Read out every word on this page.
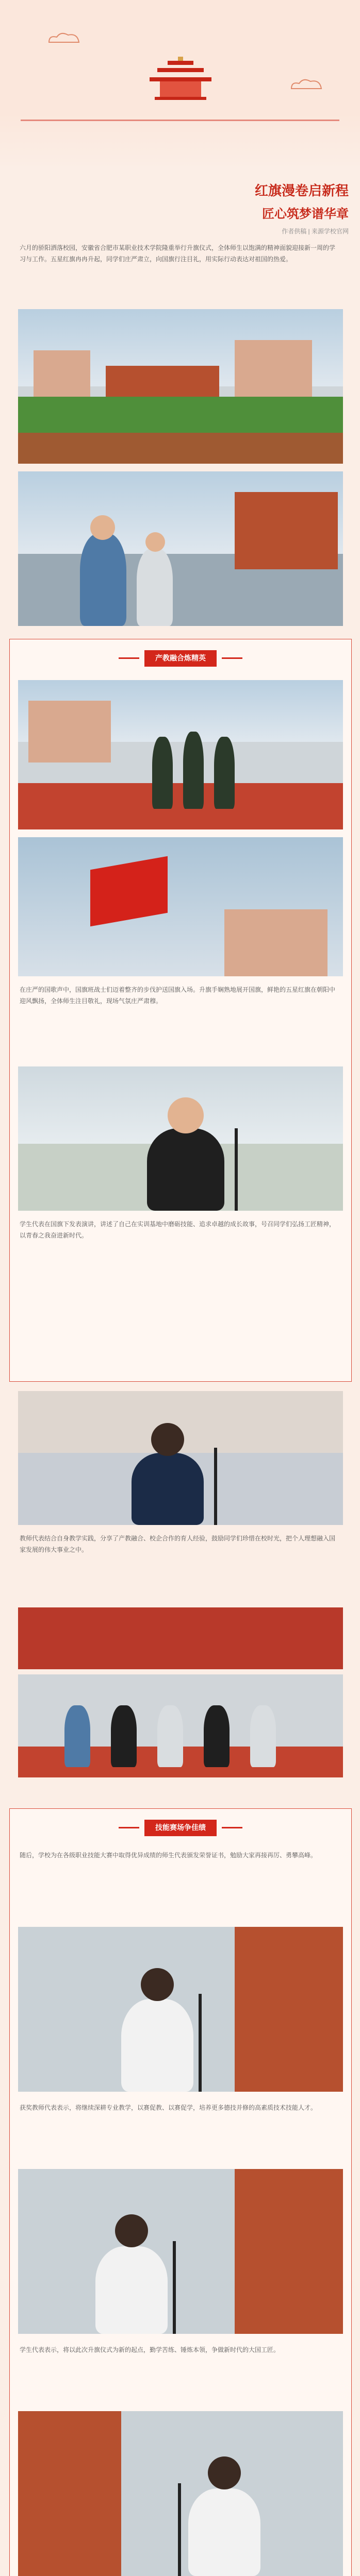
红旗漫卷启新程
匠心筑梦谱华章
作者供稿 | 来源学校官网
六月的骄阳洒落校园，安徽省合肥市某职业技术学院隆重举行升旗仪式，全体师生以饱满的精神面貌迎接新一周的学习与工作。五星红旗冉冉升起，同学们庄严肃立，向国旗行注目礼，用实际行动表达对祖国的热爱。
产教融合炼精英
在庄严的国歌声中，国旗班战士们迈着整齐的步伐护送国旗入场。升旗手娴熟地展开国旗，鲜艳的五星红旗在朝阳中迎风飘扬，全体师生注目敬礼，现场气氛庄严肃穆。
学生代表在国旗下发表演讲，讲述了自己在实训基地中磨砺技能、追求卓越的成长故事，号召同学们弘扬工匠精神，以青春之我奋进新时代。
教师代表结合自身教学实践，分享了产教融合、校企合作的育人经验，鼓励同学们珍惜在校时光，把个人理想融入国家发展的伟大事业之中。
技能赛场争佳绩
随后，学校为在各级职业技能大赛中取得优异成绩的师生代表颁发荣誉证书，勉励大家再接再厉、勇攀高峰。
获奖教师代表表示，将继续深耕专业教学，以赛促教、以赛促学，培养更多德技并修的高素质技术技能人才。
学生代表表示，将以此次升旗仪式为新的起点，勤学苦练、锤炼本领，争做新时代的大国工匠。
